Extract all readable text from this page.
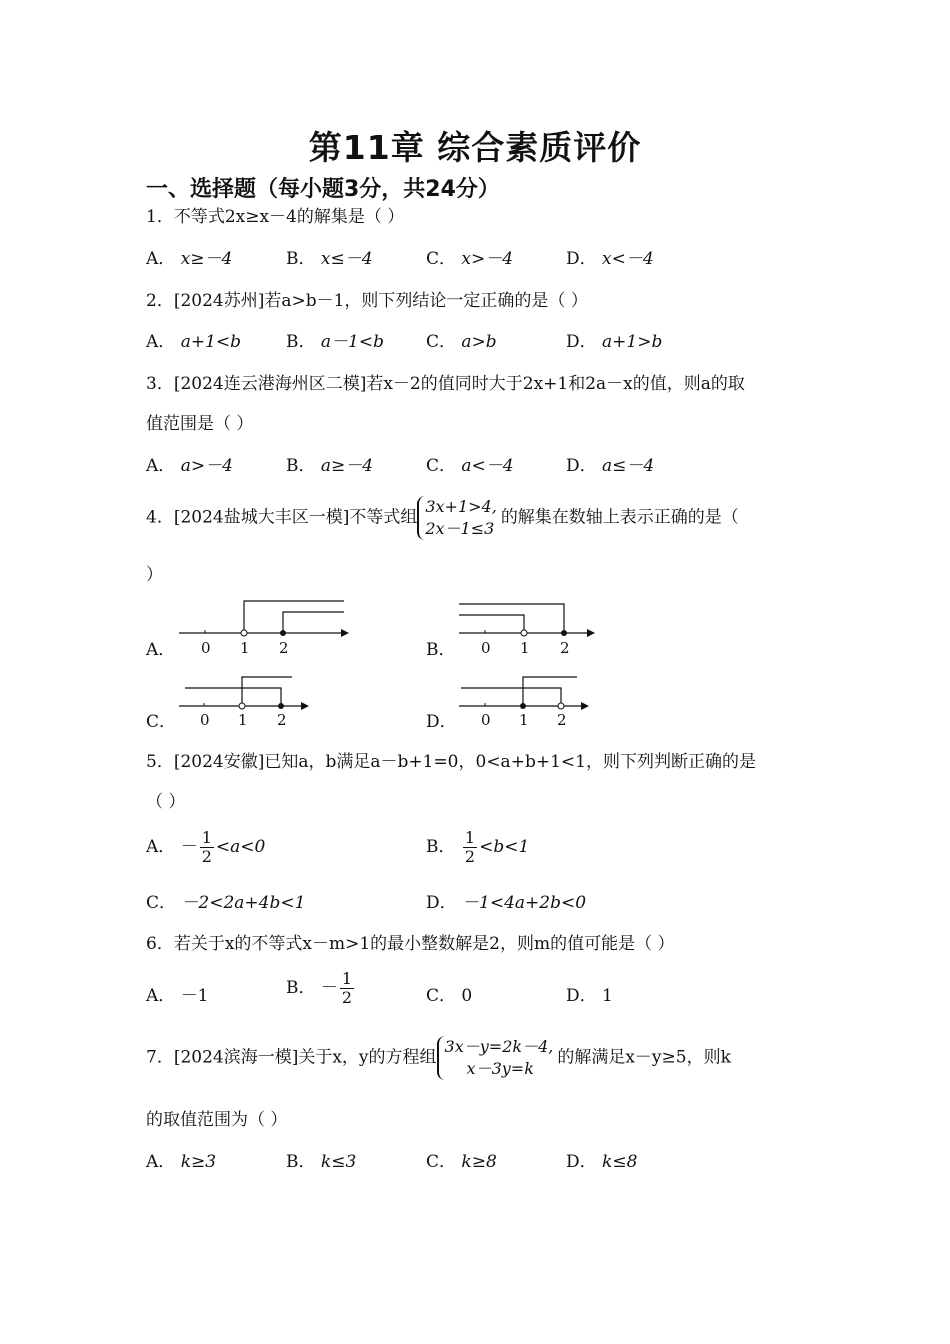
第11章 综合素质评价
一、选择题（每小题3分，共24分）
1．不等式2x≥x－4的解集是（ ）
A． x≥－4	B． x≤－4	C． x>－4	D． x<－4
2．[2024苏州]若a>b－1，则下列结论一定正确的是（ ）
A． a+1<b	B． a－1<b C． a>b	D． a+1>b
3．[2024连云港海州区二模]若x－2的值同时大于2x+1和2a－x的值，则a的取
值范围是（ ）
A． a>－4	B． a≥－4	C． a<－4	D． a≤－4
4．[2024盐城大丰区一模]不等式组
3x+1>4,
2x－1≤3
的解集在数轴上表示正确的是（
）
A． 0 1 2	B． 0 1 2
C． 0 1 2	D． 0 1 2
5．[2024安徽]已知a，b满足a－b+1=0，0<a+b+1<1，则下列判断正确的是
（ ）
A． － $\frac{1}{2} <a<0$	B． $\frac{1}{2} <b<1$
C． －2<2a+4b<1	D． －1<4a+2b<0
6．若关于x的不等式x－m>1的最小整数解是2，则m的值可能是（ ）
A． －1	B． － $\frac{1}{2}$	C． 0	D． 1
7．[2024滨海一模]关于x，y的方程组
3x－y=2k－4,
x－3y=k
的解满足x－y≥5，则k
的取值范围为（ ）
A． k≥3	B． k≤3	C． k≥8	D． k≤8
